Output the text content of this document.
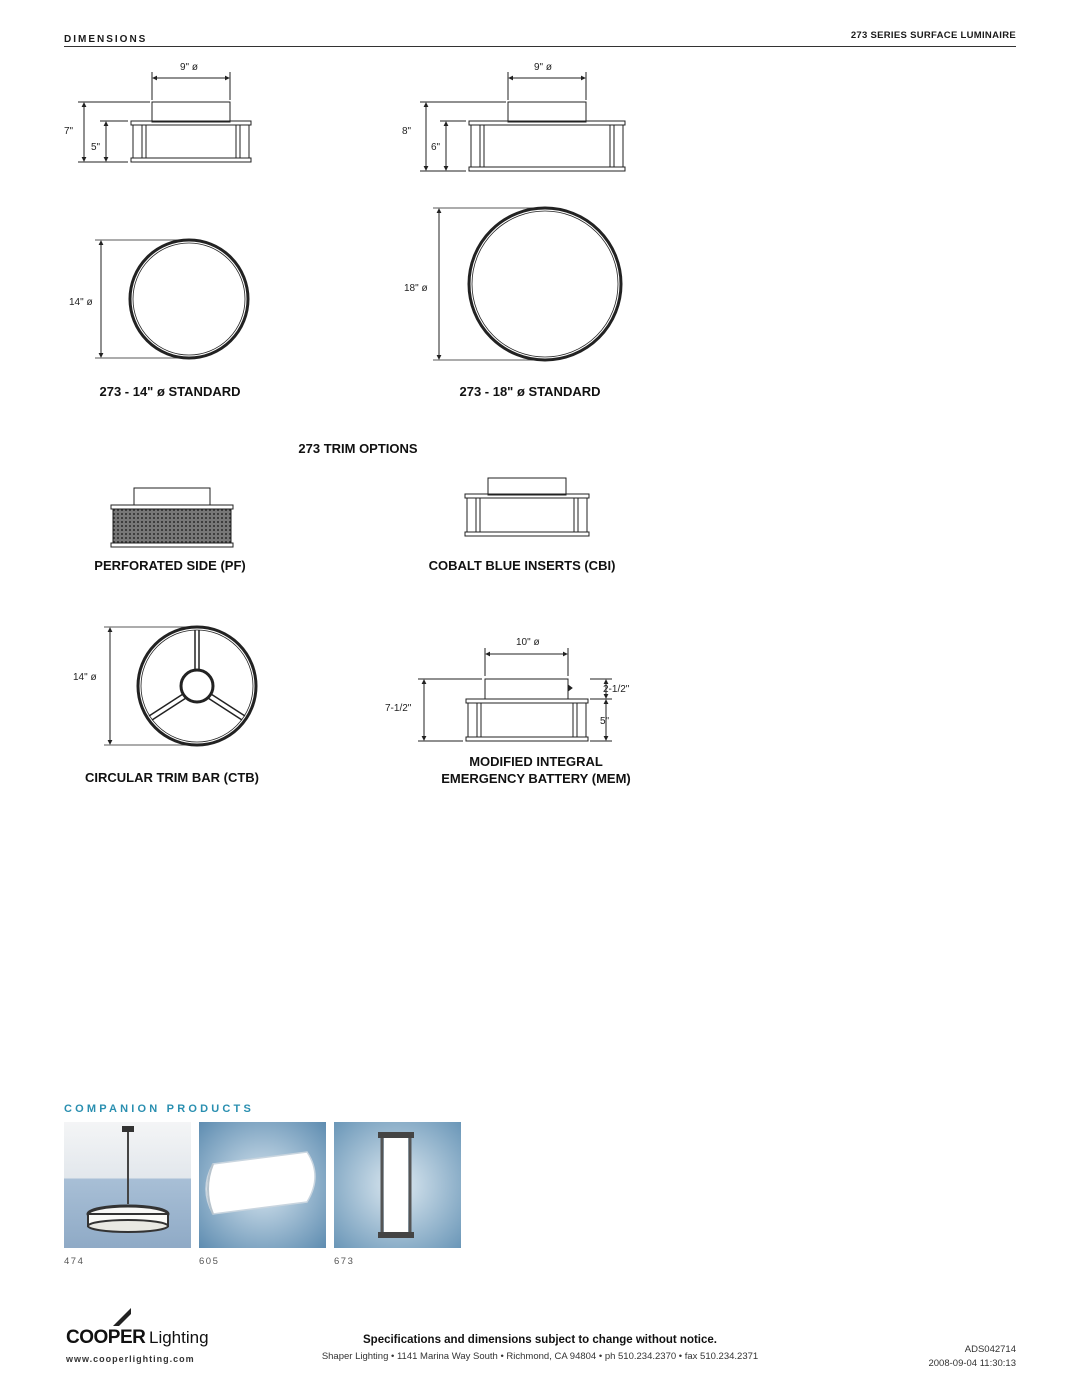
DIMENSIONS	273 SERIES SURFACE LUMINAIRE
9" ø
7"
5"
9" ø
8"
6"
14" ø
18" ø
14" ø
10" ø
7-1/2"
2-1/2"
5"
273 - 14" ø STANDARD	273 - 18" ø STANDARD
273 TRIM OPTIONS
PERFORATED SIDE (PF)	COBALT BLUE INSERTS (CBI)
CIRCULAR TRIM BAR (CTB)
MODIFIED INTEGRAL
EMERGENCY BATTERY (MEM)
COMPANION PRODUCTS
474	605	673
COOPER Lighting
www.cooperlighting.com
Specifications and dimensions subject to change without notice.
Shaper Lighting • 1141 Marina Way South • Richmond, CA 94804 • ph 510.234.2370 • fax 510.234.2371
ADS042714
2008-09-04 11:30:13
